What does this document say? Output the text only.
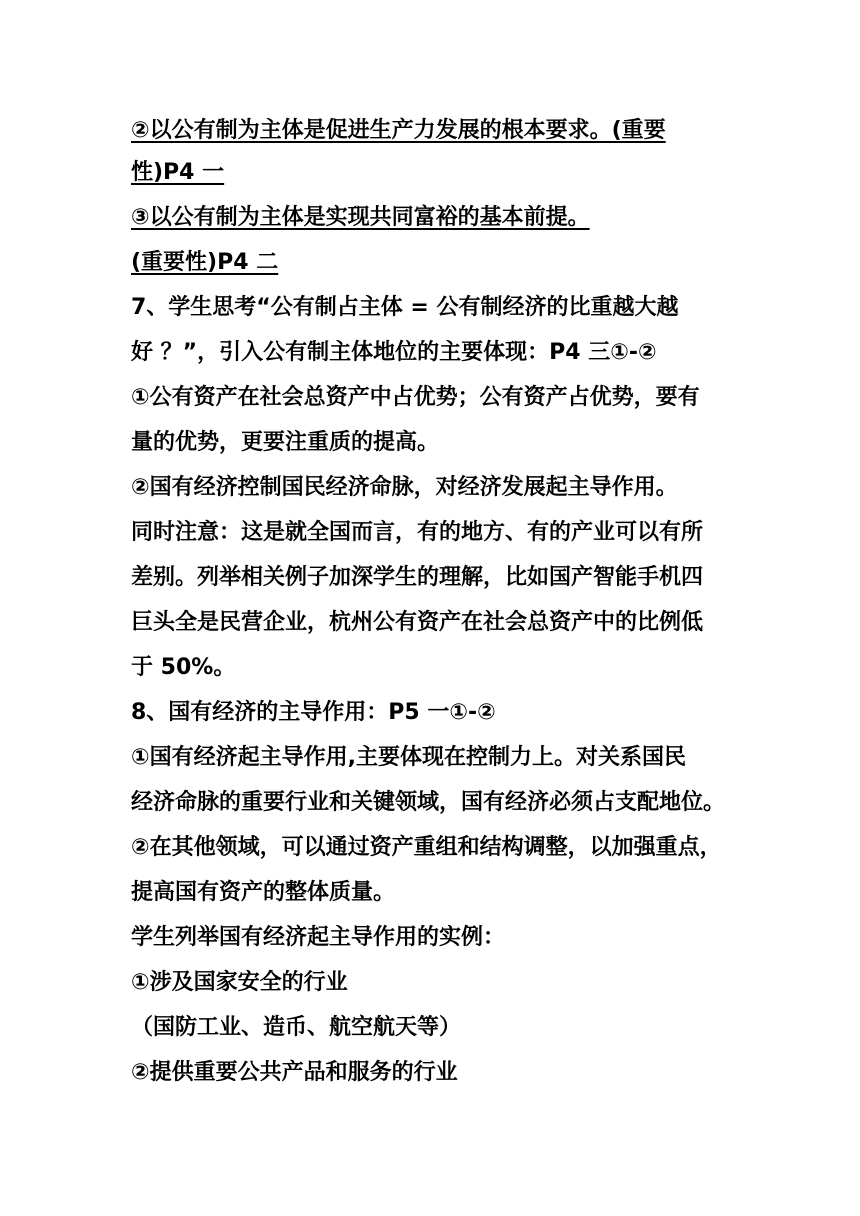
②以公有制为主体是促进生产力发展的根本要求。(重要
性)P4 一
③以公有制为主体是实现共同富裕的基本前提。
(重要性)P4 二
7、学生思考“公有制占主体 = 公有制经济的比重越大越
好 ？”，引入公有制主体地位的主要体现：P4 三①-②
①公有资产在社会总资产中占优势；公有资产占优势，要有
量的优势，更要注重质的提高。
②国有经济控制国民经济命脉，对经济发展起主导作用。
同时注意：这是就全国而言，有的地方、有的产业可以有所
差别。列举相关例子加深学生的理解，比如国产智能手机四
巨头全是民营企业，杭州公有资产在社会总资产中的比例低
于 50%。
8、国有经济的主导作用：P5 一①-②
①国有经济起主导作用,主要体现在控制力上。对关系国民
经济命脉的重要行业和关键领域，国有经济必须占支配地位。
②在其他领域，可以通过资产重组和结构调整，以加强重点，
提高国有资产的整体质量。
学生列举国有经济起主导作用的实例：
①涉及国家安全的行业
（国防工业、造币、航空航天等）
②提供重要公共产品和服务的行业
